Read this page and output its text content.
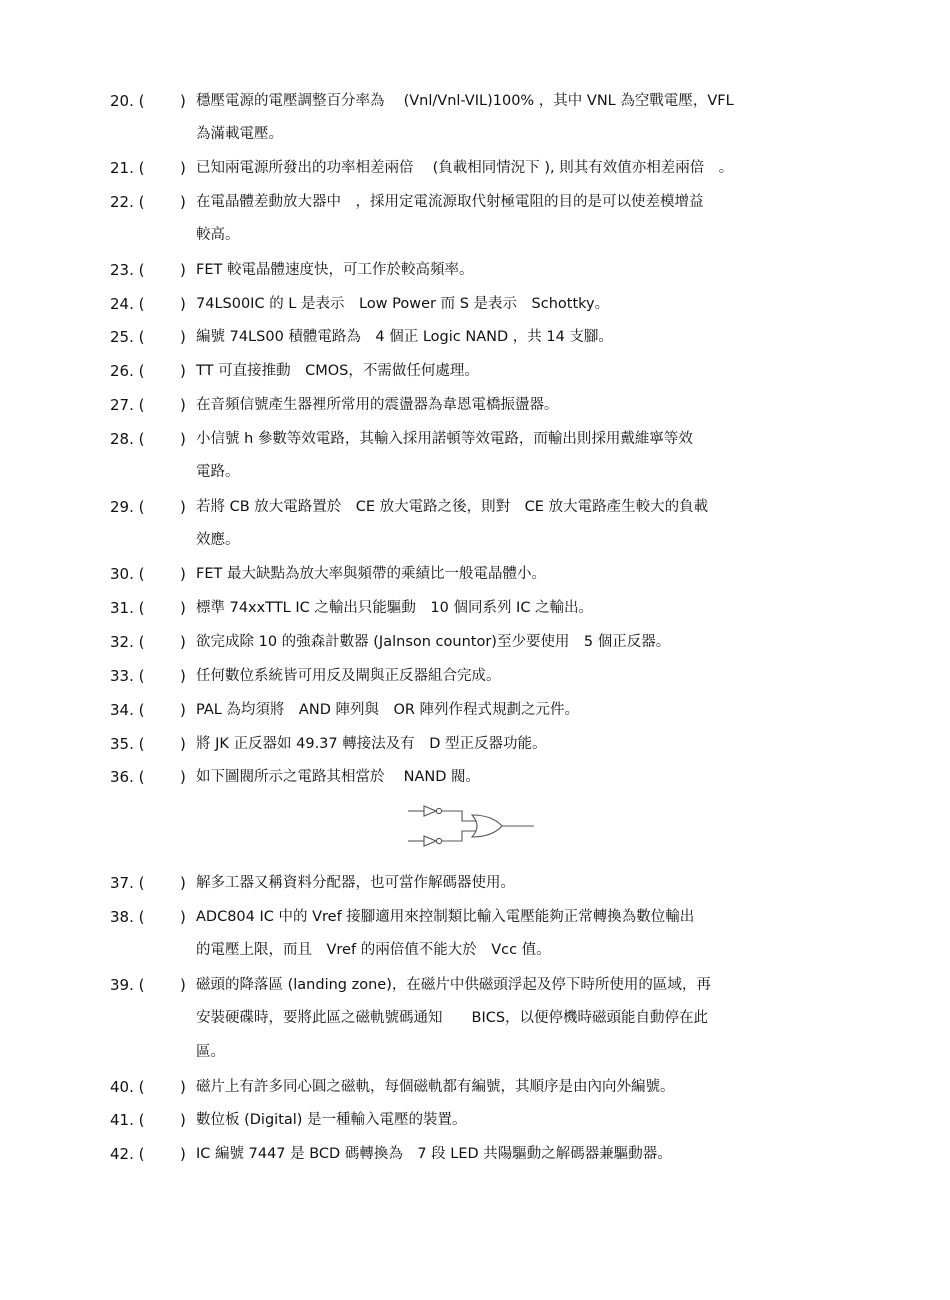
20. ( ) 穩壓電源的電壓調整百分率為　 (Vnl/Vnl-VIL)100% ，其中 VNL 為空戰電壓，VFL
為滿載電壓。
21. ( ) 已知兩電源所發出的功率相差兩倍　 (負載相同情況下 ), 則其有效值亦相差兩倍　。
22. ( ) 在電晶體差動放大器中　，採用定電流源取代射極電阻的目的是可以使差模增益
較高。
23. ( ) FET 較電晶體速度快，可工作於較高頻率。
24. ( ) 74LS00IC 的 L 是表示　Low Power 而 S 是表示　Schottky。
25. ( ) 編號 74LS00 積體電路為　4 個正 Logic NAND ，共 14 支腳。
26. ( ) TT 可直接推動　CMOS，不需做任何處理。
27. ( ) 在音頻信號產生器裡所常用的震盪器為韋恩電橋振盪器。
28. ( ) 小信號 h 參數等效電路，其輸入採用諾頓等效電路，而輸出則採用戴維寧等效
電路。
29. ( ) 若將 CB 放大電路置於　CE 放大電路之後，則對　CE 放大電路產生較大的負載
效應。
30. ( ) FET 最大缺點為放大率與頻帶的乘績比一般電晶體小。
31. ( ) 標準 74xxTTL IC 之輸出只能驅動　10 個同系列 IC 之輸出。
32. ( ) 欲完成除 10 的強森計數器 (Jalnson countor)至少要使用　5 個正反器。
33. ( ) 任何數位系統皆可用反及閘與正反器組合完成。
34. ( ) PAL 為均須將　AND 陣列與　OR 陣列作程式規劃之元件。
35. ( ) 將 JK 正反器如 49.37 轉接法及有　D 型正反器功能。
36. ( ) 如下圖閥所示之電路其相當於　 NAND 閥。
37. ( ) 解多工器又稱資料分配器，也可當作解碼器使用。
38. ( ) ADC804 IC 中的 Vref 接腳適用來控制類比輸入電壓能夠正常轉換為數位輸出
的電壓上限，而且　Vref 的兩倍值不能大於　Vcc 值。
39. ( ) 磁頭的降落區 (landing zone)，在磁片中供磁頭浮起及停下時所使用的區域，再
安裝硬碟時，要將此區之磁軌號碼通知　　BICS，以便停機時磁頭能自動停在此
區。
40. ( ) 磁片上有許多同心圓之磁軌，每個磁軌都有編號，其順序是由內向外編號。
41. ( ) 數位板 (Digital) 是一種輸入電壓的裝置。
42. ( ) IC 編號 7447 是 BCD 碼轉換為　7 段 LED 共陽驅動之解碼器兼驅動器。
